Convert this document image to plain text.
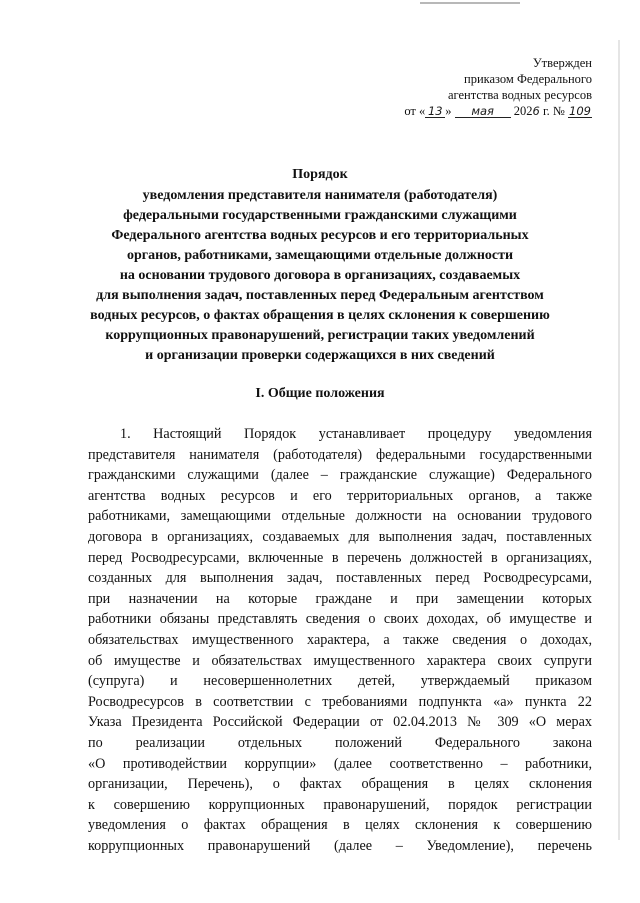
Утвержден
приказом Федерального
агентства водных ресурсов
от « 13 » мая 2026 г. № 109
Порядок
уведомления представителя нанимателя (работодателя)
федеральными государственными гражданскими служащими
Федерального агентства водных ресурсов и его территориальных
органов, работниками, замещающими отдельные должности
на основании трудового договора в организациях, создаваемых
для выполнения задач, поставленных перед Федеральным агентством
водных ресурсов, о фактах обращения в целях склонения к совершению
коррупционных правонарушений, регистрации таких уведомлений
и организации проверки содержащихся в них сведений
I. Общие положения
1. Настоящий Порядок устанавливает процедуру уведомления
представителя нанимателя (работодателя) федеральными государственными
гражданскими служащими (далее – гражданские служащие) Федерального
агентства водных ресурсов и его территориальных органов, а также
работниками, замещающими отдельные должности на основании трудового
договора в организациях, создаваемых для выполнения задач, поставленных
перед Росводресурсами, включенные в перечень должностей в организациях,
созданных для выполнения задач, поставленных перед Росводресурсами,
при назначении на которые граждане и при замещении которых
работники обязаны представлять сведения о своих доходах, об имуществе и
обязательствах имущественного характера, а также сведения о доходах,
об имуществе и обязательствах имущественного характера своих супруги
(супруга) и несовершеннолетних детей, утверждаемый приказом
Росводресурсов в соответствии с требованиями подпункта «а» пункта 22
Указа Президента Российской Федерации от 02.04.2013 № 309 «О мерах
по реализации отдельных положений Федерального закона
«О противодействии коррупции» (далее соответственно – работники,
организации, Перечень), о фактах обращения в целях склонения
к совершению коррупционных правонарушений, порядок регистрации
уведомления о фактах обращения в целях склонения к совершению
коррупционных правонарушений (далее – Уведомление), перечень
